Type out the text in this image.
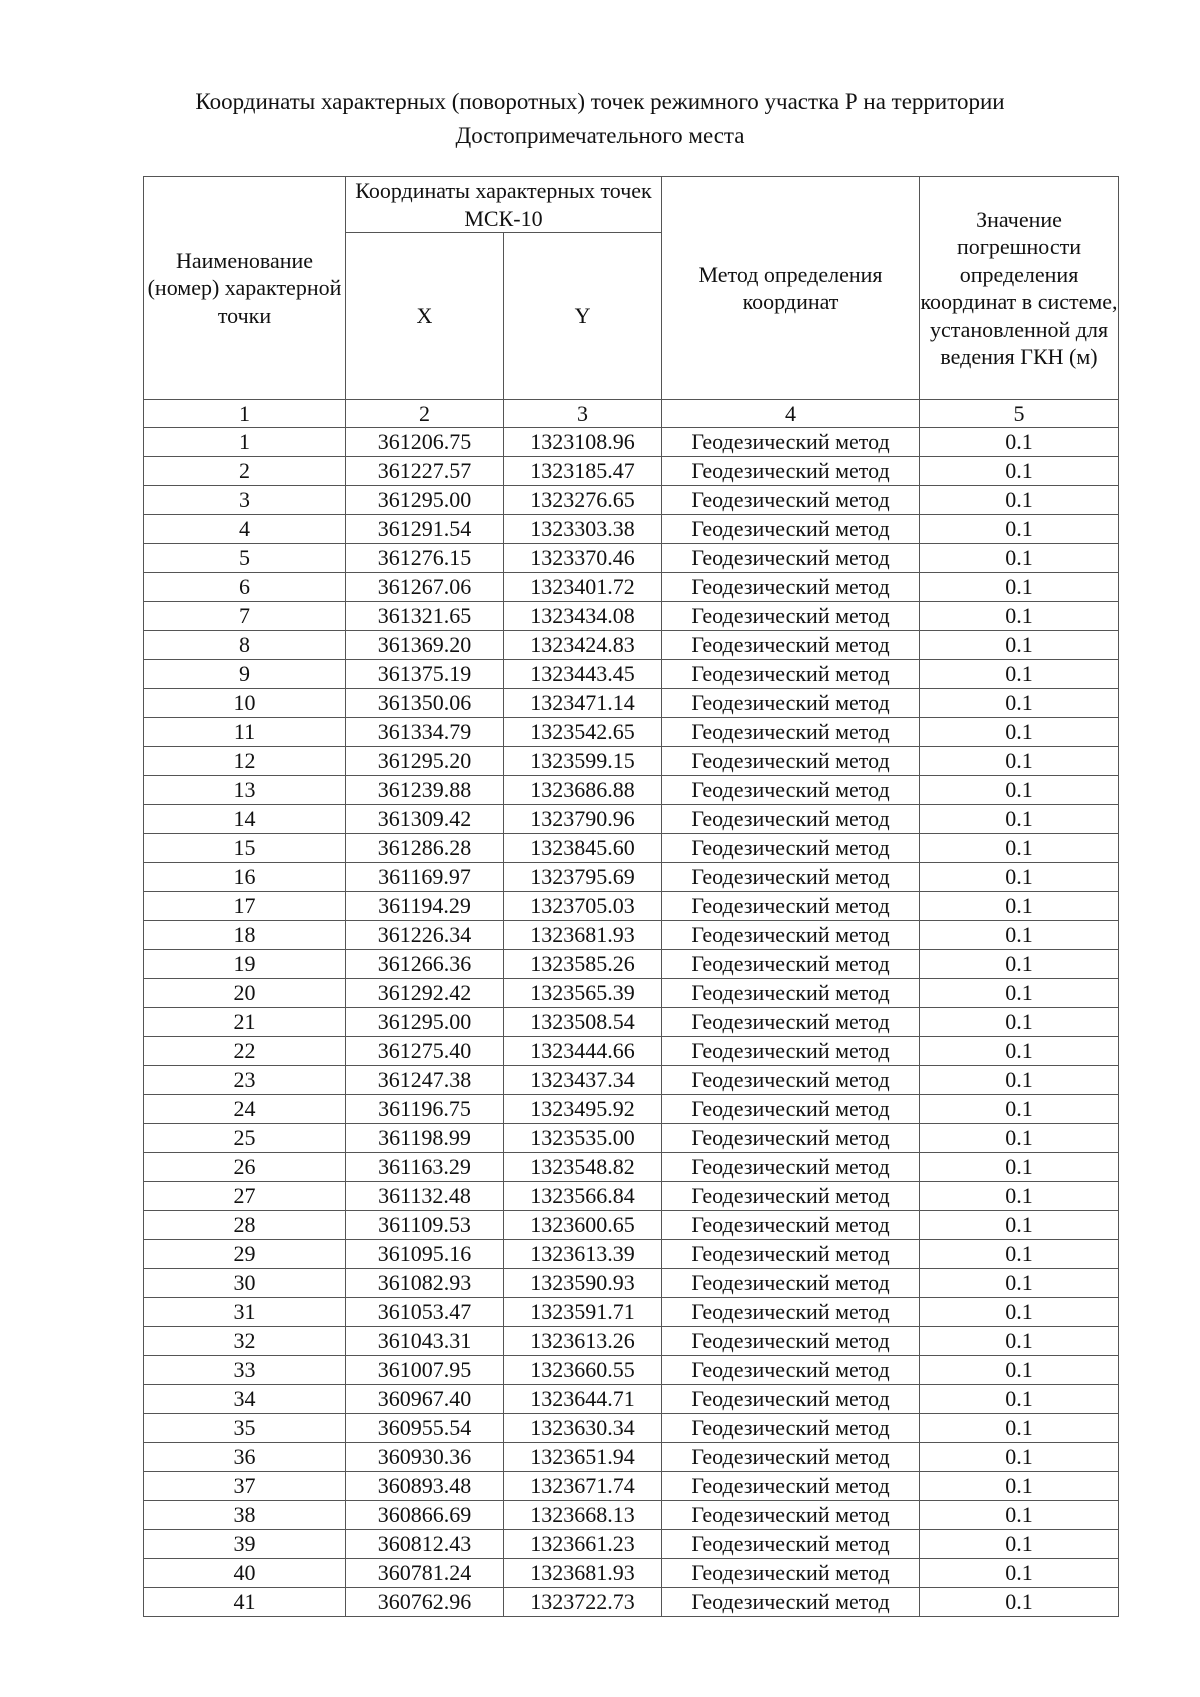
Координаты характерных (поворотных) точек режимного участка Р на территории
Достопримечательного места
Наименование (номер) характерной точки	Координаты характерных точек МСК-10		Метод определения координат	Значение погрешности определения координат в системе, установленной для ведения ГКН (м)
	X	Y		
1	2	3	4	5
1	361206.75	1323108.96	Геодезический метод	0.1
2	361227.57	1323185.47	Геодезический метод	0.1
3	361295.00	1323276.65	Геодезический метод	0.1
4	361291.54	1323303.38	Геодезический метод	0.1
5	361276.15	1323370.46	Геодезический метод	0.1
6	361267.06	1323401.72	Геодезический метод	0.1
7	361321.65	1323434.08	Геодезический метод	0.1
8	361369.20	1323424.83	Геодезический метод	0.1
9	361375.19	1323443.45	Геодезический метод	0.1
10	361350.06	1323471.14	Геодезический метод	0.1
11	361334.79	1323542.65	Геодезический метод	0.1
12	361295.20	1323599.15	Геодезический метод	0.1
13	361239.88	1323686.88	Геодезический метод	0.1
14	361309.42	1323790.96	Геодезический метод	0.1
15	361286.28	1323845.60	Геодезический метод	0.1
16	361169.97	1323795.69	Геодезический метод	0.1
17	361194.29	1323705.03	Геодезический метод	0.1
18	361226.34	1323681.93	Геодезический метод	0.1
19	361266.36	1323585.26	Геодезический метод	0.1
20	361292.42	1323565.39	Геодезический метод	0.1
21	361295.00	1323508.54	Геодезический метод	0.1
22	361275.40	1323444.66	Геодезический метод	0.1
23	361247.38	1323437.34	Геодезический метод	0.1
24	361196.75	1323495.92	Геодезический метод	0.1
25	361198.99	1323535.00	Геодезический метод	0.1
26	361163.29	1323548.82	Геодезический метод	0.1
27	361132.48	1323566.84	Геодезический метод	0.1
28	361109.53	1323600.65	Геодезический метод	0.1
29	361095.16	1323613.39	Геодезический метод	0.1
30	361082.93	1323590.93	Геодезический метод	0.1
31	361053.47	1323591.71	Геодезический метод	0.1
32	361043.31	1323613.26	Геодезический метод	0.1
33	361007.95	1323660.55	Геодезический метод	0.1
34	360967.40	1323644.71	Геодезический метод	0.1
35	360955.54	1323630.34	Геодезический метод	0.1
36	360930.36	1323651.94	Геодезический метод	0.1
37	360893.48	1323671.74	Геодезический метод	0.1
38	360866.69	1323668.13	Геодезический метод	0.1
39	360812.43	1323661.23	Геодезический метод	0.1
40	360781.24	1323681.93	Геодезический метод	0.1
41	360762.96	1323722.73	Геодезический метод	0.1
